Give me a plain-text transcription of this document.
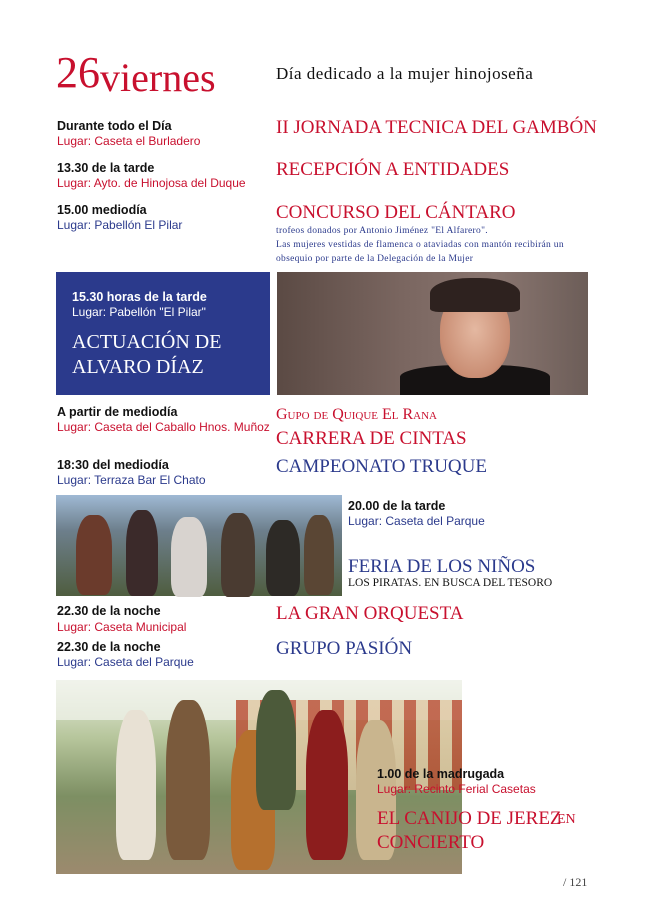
26 viernes	Día dedicado a la mujer hinojoseña
Durante todo el Día
Lugar: Caseta el Burladero
II JORNADA TECNICA DEL GAMBÓN
13.30 de la tarde
Lugar: Ayto. de Hinojosa del Duque
RECEPCIÓN A ENTIDADES
15.00 mediodía
Lugar: Pabellón El Pilar
CONCURSO DEL CÁNTARO
trofeos donados por Antonio Jiménez "El Alfarero".
Las mujeres vestidas de flamenca o ataviadas con mantón recibirán un
obsequio por parte de la Delegación de la Mujer
15.30 horas de la tarde
Lugar: Pabellón "El Pilar"
ACTUACIÓN DE
ALVARO DÍAZ
A partir de mediodía
Lugar: Caseta del Caballo Hnos. Muñoz
Gupo de Quique El Rana
CARRERA DE CINTAS
18:30 del mediodía
Lugar: Terraza Bar El Chato
CAMPEONATO TRUQUE
20.00 de la tarde
Lugar: Caseta del Parque
FERIA DE LOS NIÑOS
LOS PIRATAS. EN BUSCA DEL TESORO
22.30 de la noche
Lugar: Caseta Municipal
LA GRAN ORQUESTA
22.30 de la noche
Lugar: Caseta del Parque
GRUPO PASIÓN
1.00 de la madrugada
Lugar: Recinto Ferial Casetas
EL CANIJO DE JEREZ
EN
CONCIERTO
/ 121
